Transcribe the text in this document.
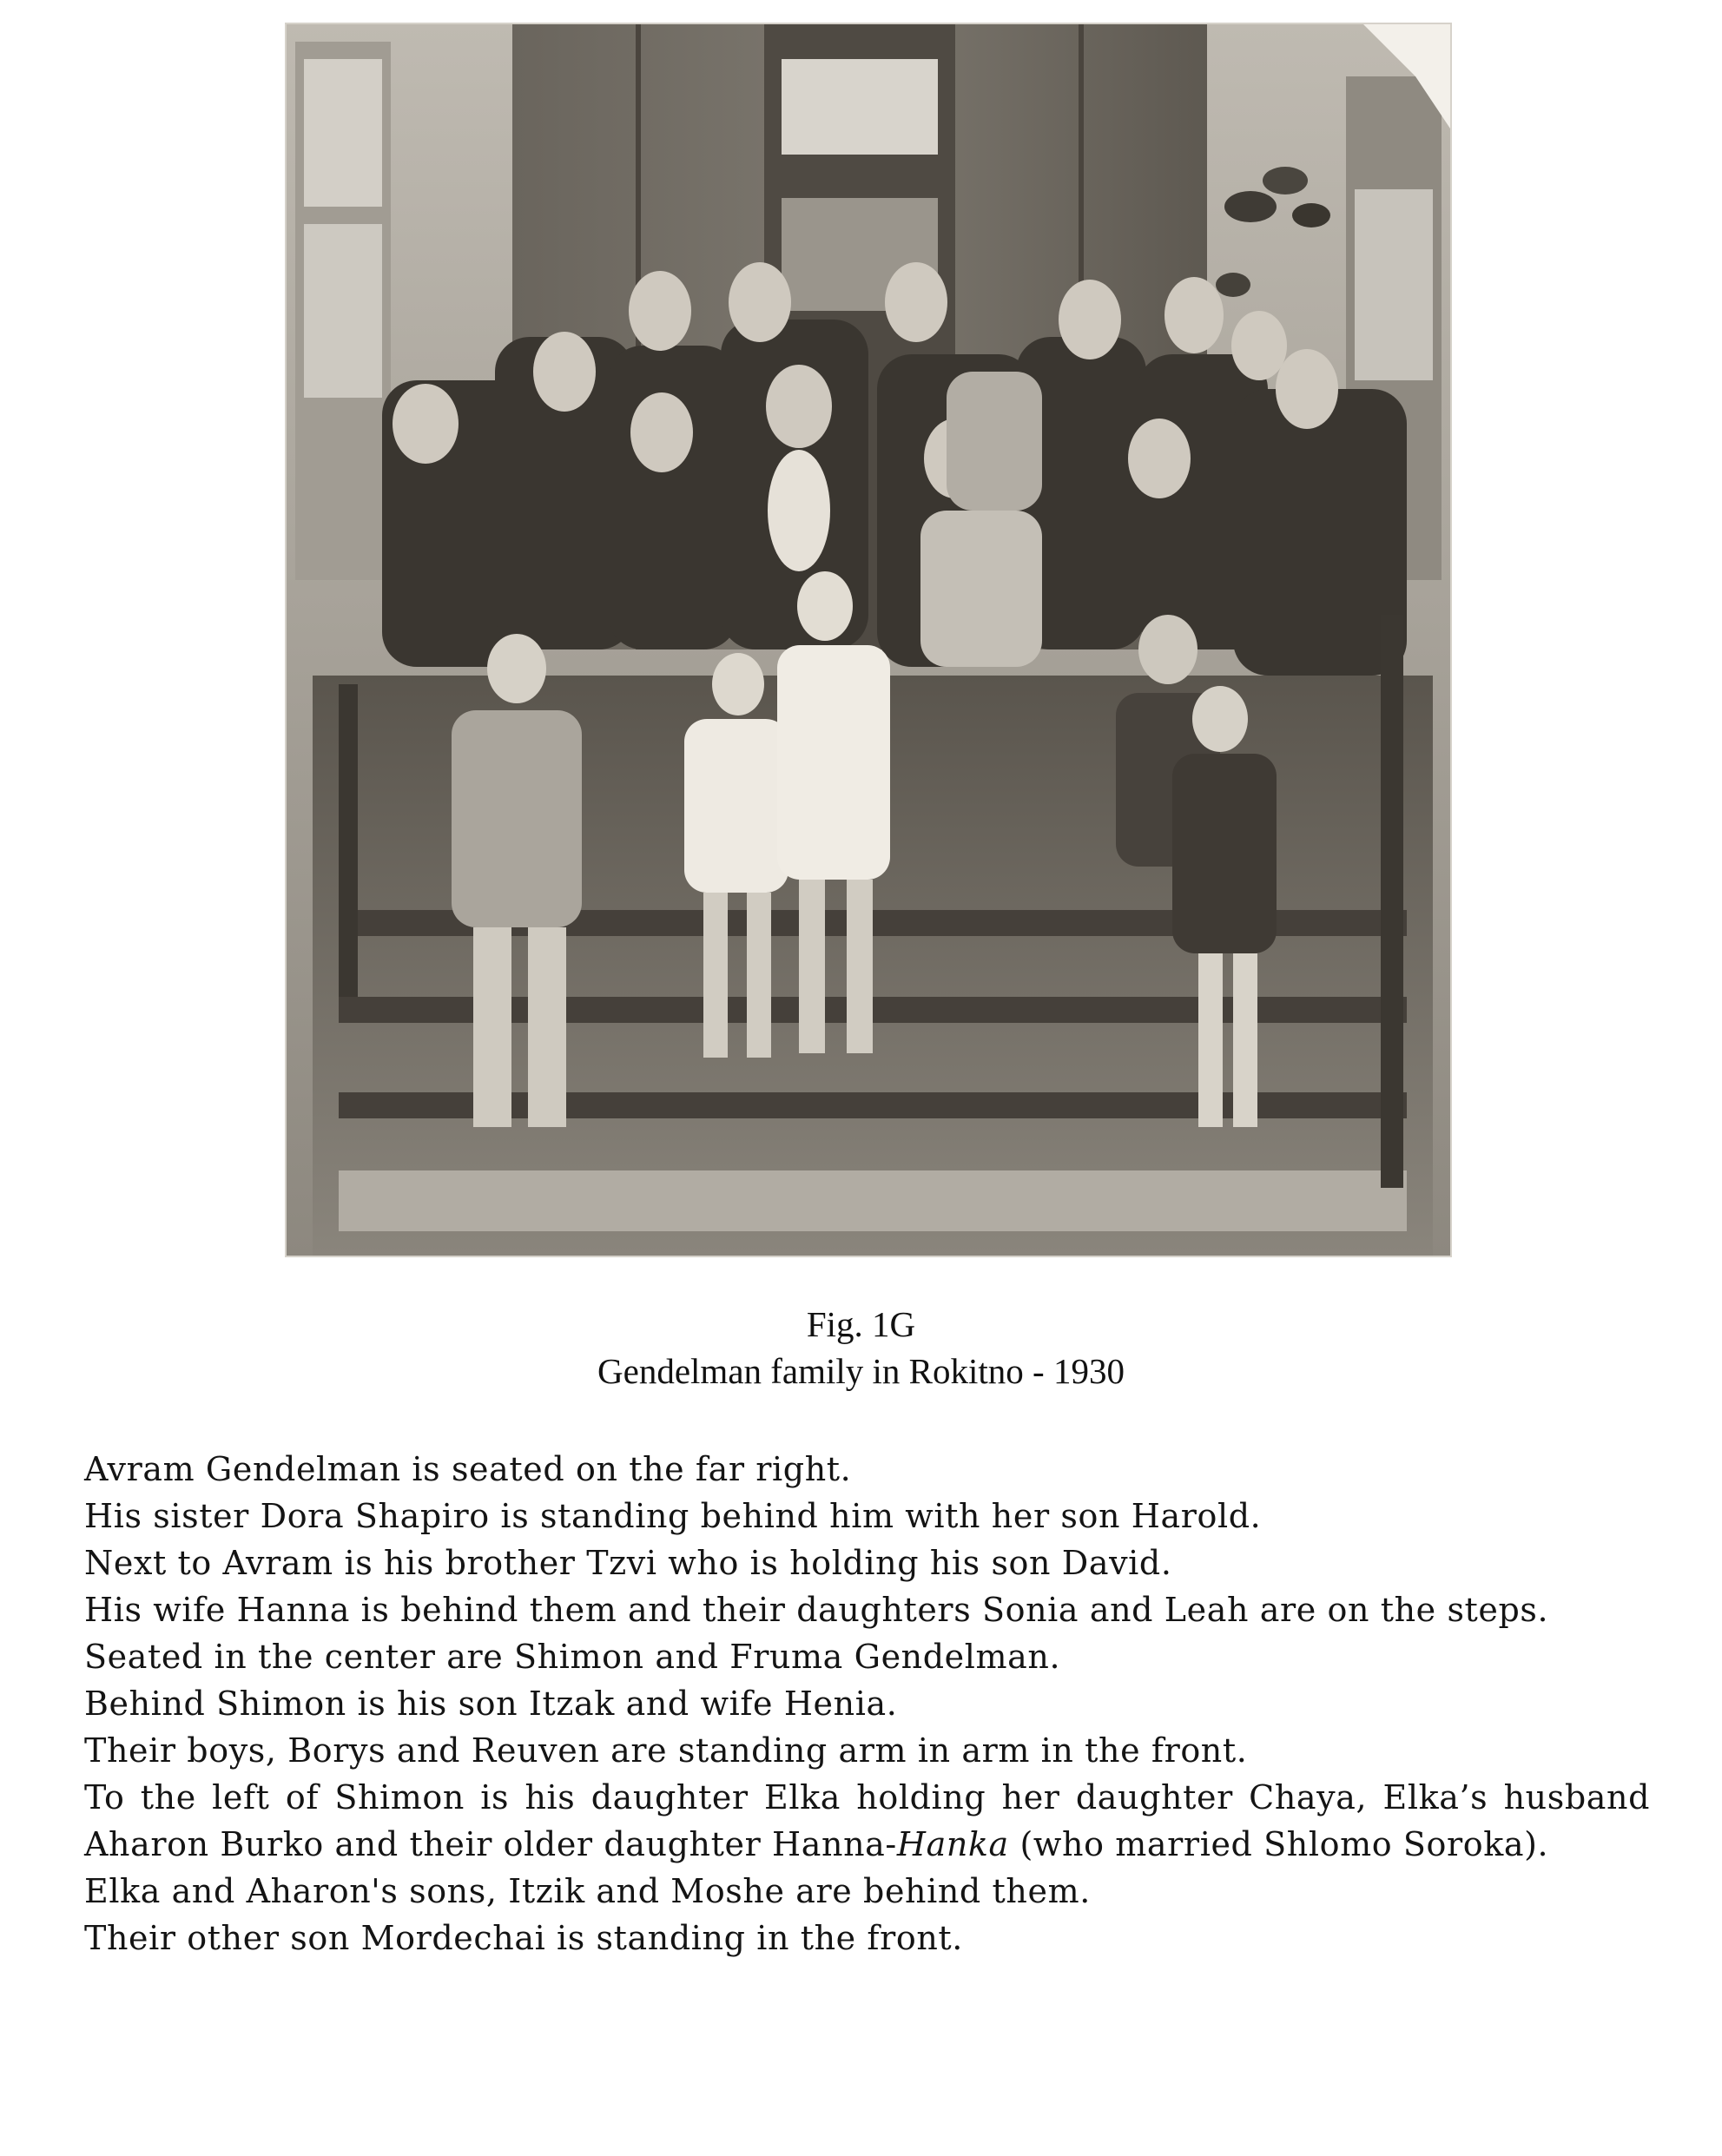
Fig. 1G
Gendelman family in Rokitno - 1930

Avram Gendelman is seated on the far right.

His sister Dora Shapiro is standing behind him with her son Harold.

Next to Avram is his brother Tzvi who is holding his son David.

His wife Hanna is behind them and their daughters Sonia and Leah are on the steps.

Seated in the center are Shimon and Fruma Gendelman.

Behind Shimon is his son Itzak and wife Henia.

Their boys, Borys and Reuven are standing arm in arm in the front.

To the left of Shimon is his daughter Elka holding her daughter Chaya, Elka’s husband Aharon Burko and their older daughter Hanna-Hanka (who married Shlomo Soroka).

Elka and Aharon's sons, Itzik and Moshe are behind them.

Their other son Mordechai is standing in the front.
